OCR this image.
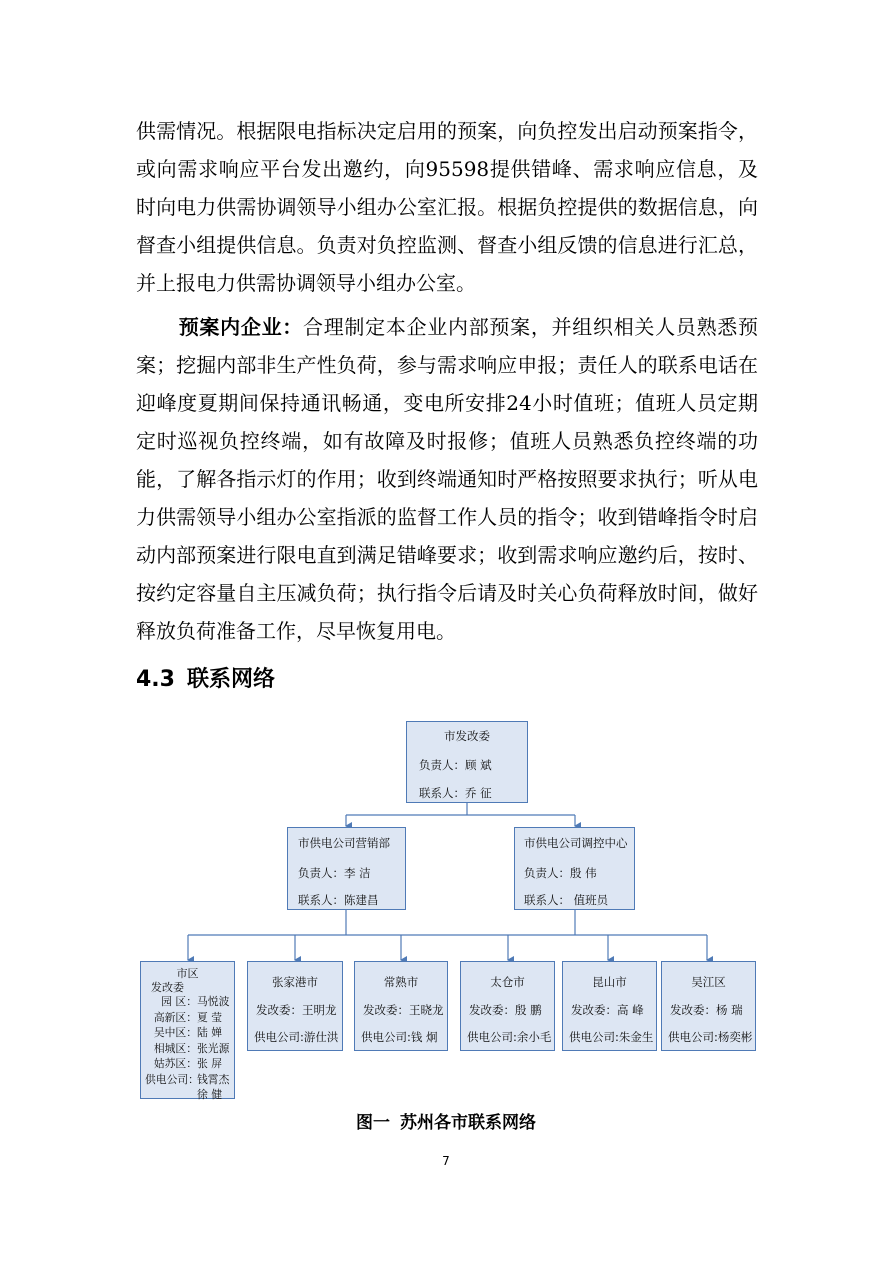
供需情况。根据限电指标决定启用的预案，向负控发出启动预案指令，或向需求响应平台发出邀约，向95598提供错峰、需求响应信息，及时向电力供需协调领导小组办公室汇报。根据负控提供的数据信息，向督查小组提供信息。负责对负控监测、督查小组反馈的信息进行汇总，并上报电力供需协调领导小组办公室。

预案内企业：合理制定本企业内部预案，并组织相关人员熟悉预案；挖掘内部非生产性负荷，参与需求响应申报；责任人的联系电话在迎峰度夏期间保持通讯畅通，变电所安排24小时值班；值班人员定期定时巡视负控终端，如有故障及时报修；值班人员熟悉负控终端的功能，了解各指示灯的作用；收到终端通知时严格按照要求执行；听从电力供需领导小组办公室指派的监督工作人员的指令；收到错峰指令时启动内部预案进行限电直到满足错峰要求；收到需求响应邀约后，按时、按约定容量自主压减负荷；执行指令后请及时关心负荷释放时间，做好释放负荷准备工作，尽早恢复用电。

4.3 联系网络
市发改委
负责人：顾 斌
联系人：乔 征
市供电公司营销部
负责人：李 洁
联系人：陈建昌
市供电公司调控中心
负责人：殷 伟
联系人： 值班员
市区
发改委
园 区： 马悦波
高新区： 夏 莹
吴中区： 陆 婵
相城区： 张光源
姑苏区： 张 屏
供电公司：
钱霄杰
徐 健
张家港市
发改委：王明龙
供电公司:游仕洪
常熟市
发改委：王晓龙
供电公司:钱 炯
太仓市
发改委：殷 鹏
供电公司:余小毛
昆山市
发改委：高 峰
供电公司:朱金生
吴江区
发改委：杨 瑞
供电公司:杨奕彬

图一 苏州各市联系网络

7
